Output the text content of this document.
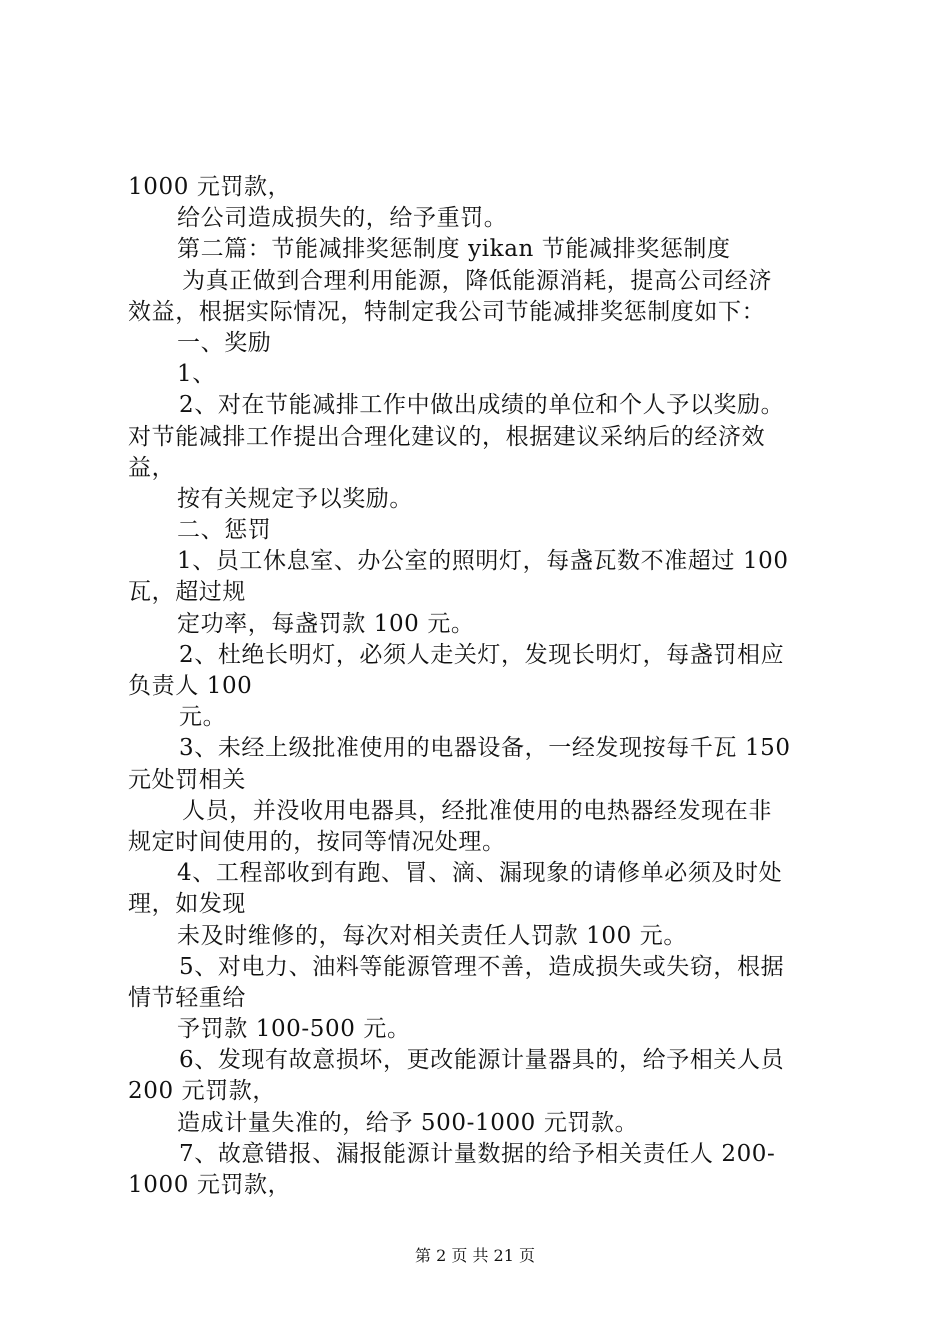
1000 元罚款，
给公司造成损失的，给予重罚。
第二篇：节能减排奖惩制度 yikan 节能减排奖惩制度
为真正做到合理利用能源，降低能源消耗，提高公司经济
效益，根据实际情况，特制定我公司节能减排奖惩制度如下：
一、奖励
1、
2、对在节能减排工作中做出成绩的单位和个人予以奖励。
对节能减排工作提出合理化建议的，根据建议采纳后的经济效
益，
按有关规定予以奖励。
二、惩罚
1、员工休息室、办公室的照明灯，每盏瓦数不准超过 100
瓦，超过规
定功率，每盏罚款 100 元。
2、杜绝长明灯，必须人走关灯，发现长明灯，每盏罚相应
负责人 100
元。
3、未经上级批准使用的电器设备，一经发现按每千瓦 150
元处罚相关
人员，并没收用电器具，经批准使用的电热器经发现在非
规定时间使用的，按同等情况处理。
4、工程部收到有跑、冒、滴、漏现象的请修单必须及时处
理，如发现
未及时维修的，每次对相关责任人罚款 100 元。
5、对电力、油料等能源管理不善，造成损失或失窃，根据
情节轻重给
予罚款 100-500 元。
6、发现有故意损坏，更改能源计量器具的，给予相关人员
200 元罚款，
造成计量失准的，给予 500-1000 元罚款。
7、故意错报、漏报能源计量数据的给予相关责任人 200-
1000 元罚款，
第 2 页 共 21 页
